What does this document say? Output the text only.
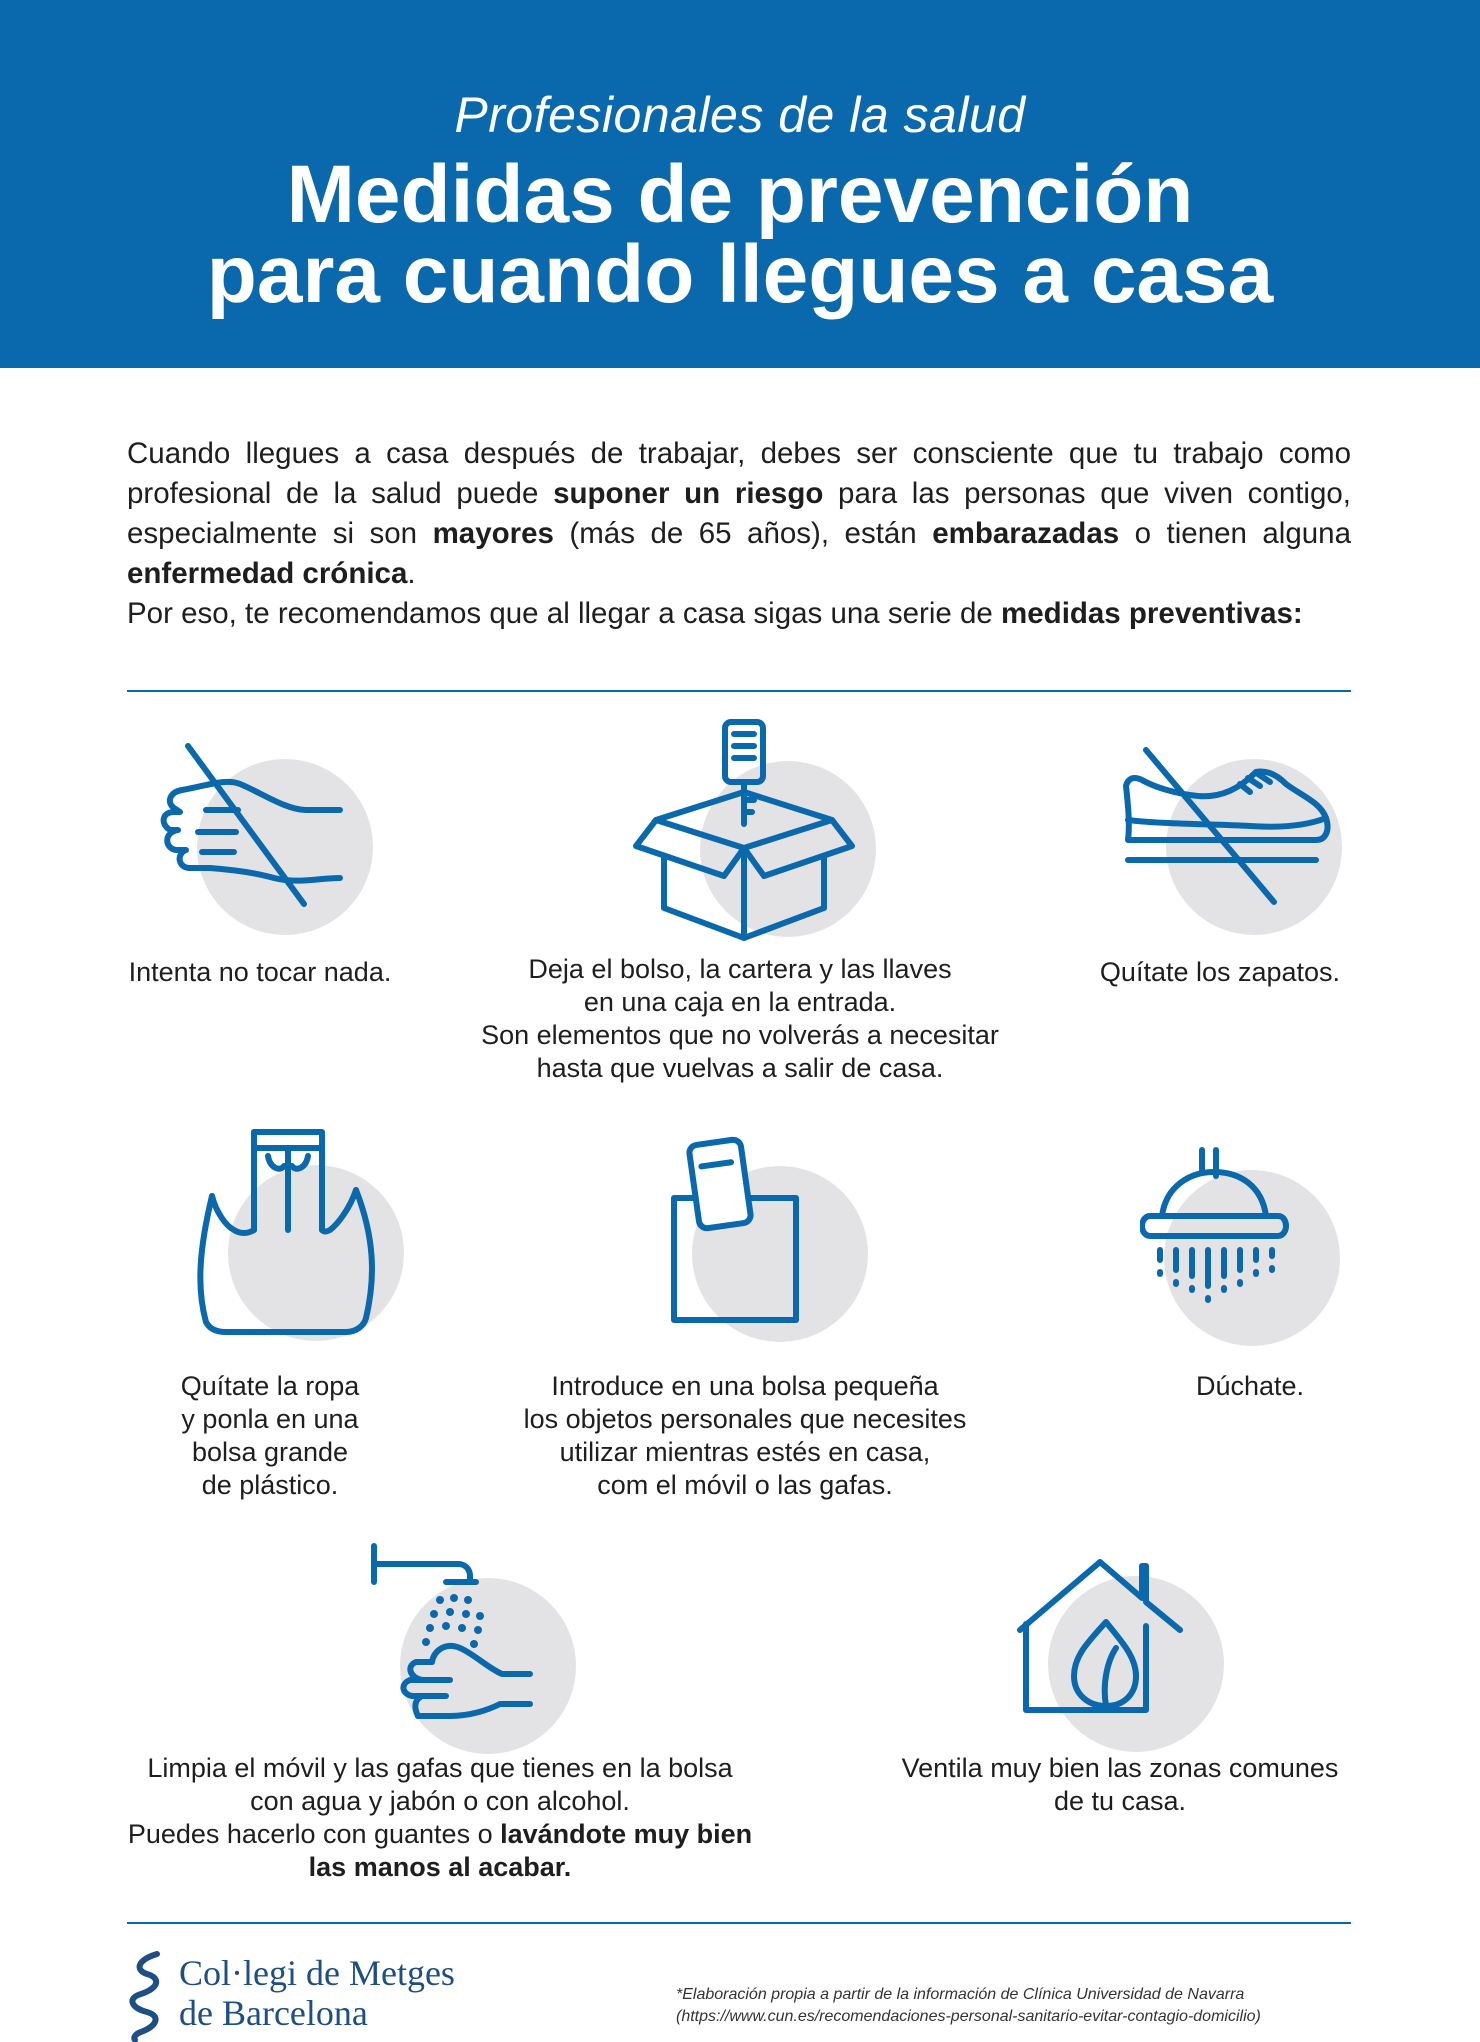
Profesionales de la salud
Medidas de prevención
para cuando llegues a casa

Cuando llegues a casa después de trabajar, debes ser consciente que tu trabajo como profesional de la salud puede suponer un riesgo para las personas que viven contigo, especialmente si son mayores (más de 65 años), están embarazadas o tienen alguna enfermedad crónica.

Por eso, te recomendamos que al llegar a casa sigas una serie de medidas preventivas:

Intenta no tocar nada.	Deja el bolso, la cartera y las llaves
en una caja en la entrada.
Son elementos que no volverás a necesitar
hasta que vuelvas a salir de casa.
Quítate los zapatos.
Quítate la ropa
y ponla en una
bolsa grande
de plástico.
Introduce en una bolsa pequeña
los objetos personales que necesites
utilizar mientras estés en casa,
com el móvil o las gafas.
Dúchate.
Limpia el móvil y las gafas que tienes en la bolsa
con agua y jabón o con alcohol.
Puedes hacerlo con guantes o lavándote muy bien
las manos al acabar.
Ventila muy bien las zonas comunes
de tu casa.
Col·legi de Metges
de Barcelona	*Elaboración propia a partir de la información de Clínica Universidad de Navarra
(https://www.cun.es/recomendaciones-personal-sanitario-evitar-contagio-domicilio)
